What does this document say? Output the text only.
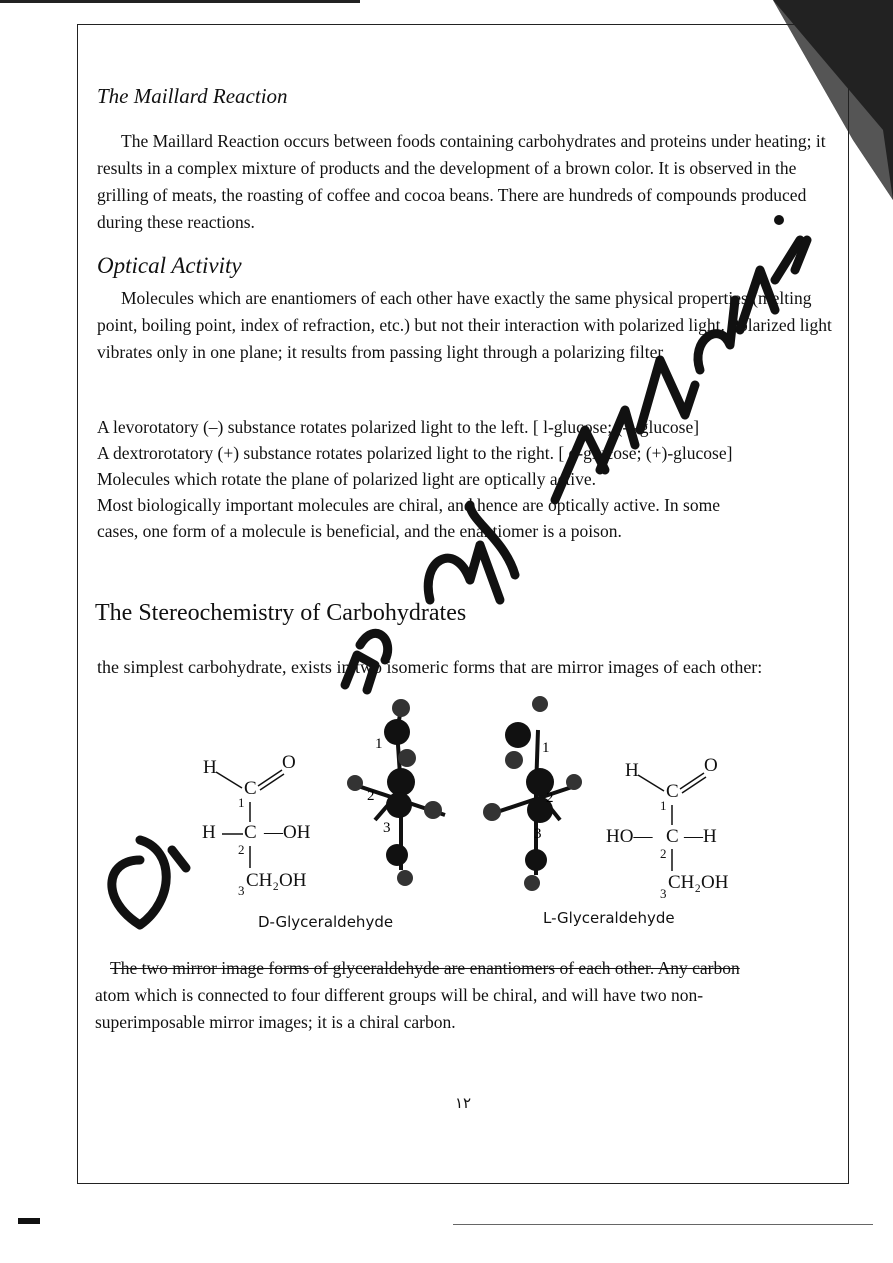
The Maillard Reaction
The Maillard Reaction occurs between foods containing carbohydrates and proteins under heating; it results in a complex mixture of products and the development of a brown color. It is observed in the grilling of meats, the roasting of coffee and cocoa beans. There are hundreds of compounds produced during these reactions.
Optical Activity
Molecules which are enantiomers of each other have exactly the same physical properties (melting point, boiling point, index of refraction, etc.) but not their interaction with polarized light. Polarized light vibrates only in one plane; it results from passing light through a polarizing filter
A levorotatory (–) substance rotates polarized light to the left. [ l-glucose; (-)-glucose]
A dextrorotatory (+) substance rotates polarized light to the right. [ d-glucose; (+)-glucose]
Molecules which rotate the plane of polarized light are optically active.
Most biologically important molecules are chiral, and hence are optically active. In some
cases, one form of a molecule is beneficial, and the enantiomer is a poison.
The Stereochemistry of Carbohydrates
the simplest carbohydrate, exists in two isomeric forms that are mirror images of each other:
H	O
C
1
H C —OH
2
3 CH₂OH
1
2
3
1
2
3
H	O
C
1
HO— C —H
2
3
CH₂OH
D-Glyceraldehyde	L-Glyceraldehyde
The two mirror image forms of glyceraldehyde are enantiomers of each other. Any carbon
atom which is connected to four different groups will be chiral, and will have two non-superimposable mirror images; it is a chiral carbon.
١٢
